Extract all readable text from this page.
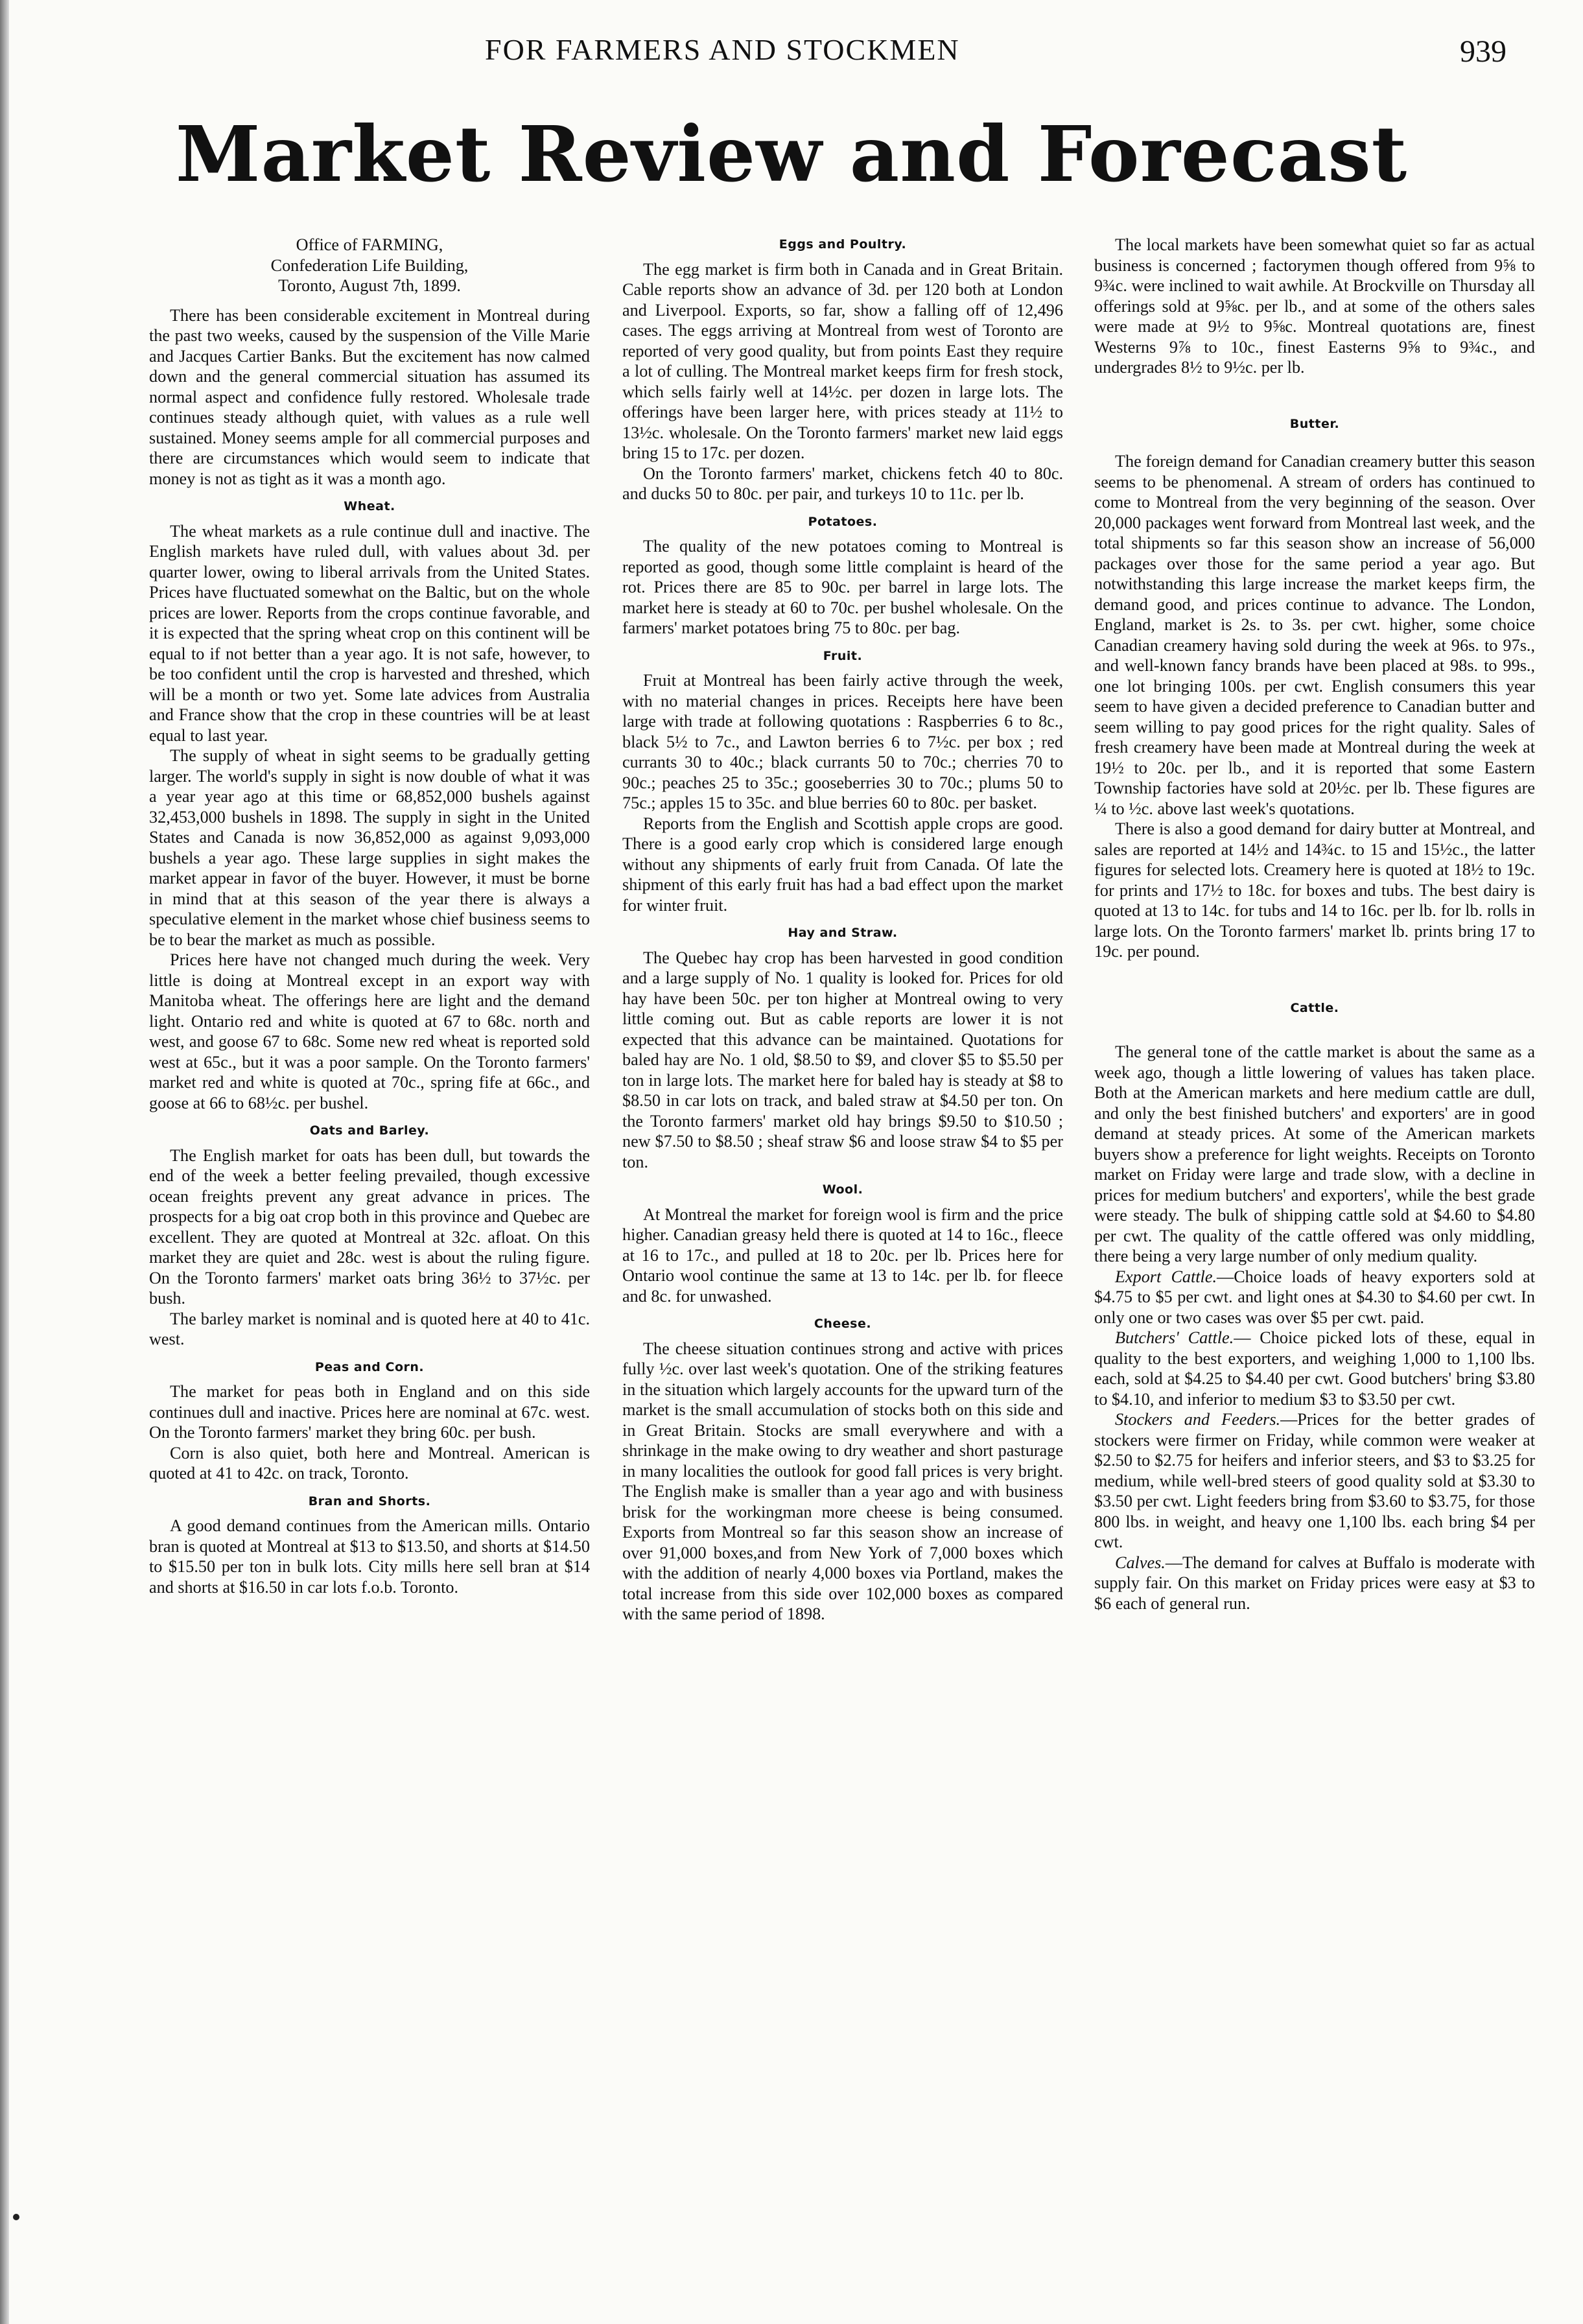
FOR FARMERS AND STOCKMEN	939
Market Review and Forecast
Office of FARMING,
Confederation Life Building,
Toronto, August 7th, 1899.

There has been considerable excitement in Montreal during the past two weeks, caused by the suspension of the Ville Marie and Jacques Cartier Banks. But the excitement has now calmed down and the general commercial situation has assumed its normal aspect and confidence fully restored. Wholesale trade continues steady although quiet, with values as a rule well sustained. Money seems ample for all commercial purposes and there are circumstances which would seem to indicate that money is not as tight as it was a month ago.

Wheat.

The wheat markets as a rule continue dull and inactive. The English markets have ruled dull, with values about 3d. per quarter lower, owing to liberal arrivals from the United States. Prices have fluctuated somewhat on the Baltic, but on the whole prices are lower. Reports from the crops continue favorable, and it is expected that the spring wheat crop on this continent will be equal to if not better than a year ago. It is not safe, however, to be too confident until the crop is harvested and threshed, which will be a month or two yet. Some late advices from Australia and France show that the crop in these countries will be at least equal to last year.

The supply of wheat in sight seems to be gradually getting larger. The world's supply in sight is now double of what it was a year year ago at this time or 68,852,000 bushels against 32,453,000 bushels in 1898. The supply in sight in the United States and Canada is now 36,852,000 as against 9,093,000 bushels a year ago. These large supplies in sight makes the market appear in favor of the buyer. However, it must be borne in mind that at this season of the year there is always a speculative element in the market whose chief business seems to be to bear the market as much as possible.

Prices here have not changed much during the week. Very little is doing at Montreal except in an export way with Manitoba wheat. The offerings here are light and the demand light. Ontario red and white is quoted at 67 to 68c. north and west, and goose 67 to 68c. Some new red wheat is reported sold west at 65c., but it was a poor sample. On the Toronto farmers' market red and white is quoted at 70c., spring fife at 66c., and goose at 66 to 68½c. per bushel.

Oats and Barley.

The English market for oats has been dull, but towards the end of the week a better feeling prevailed, though excessive ocean freights prevent any great advance in prices. The prospects for a big oat crop both in this province and Quebec are excellent. They are quoted at Montreal at 32c. afloat. On this market they are quiet and 28c. west is about the ruling figure. On the Toronto farmers' market oats bring 36½ to 37½c. per bush.

The barley market is nominal and is quoted here at 40 to 41c. west.

Peas and Corn.

The market for peas both in England and on this side continues dull and inactive. Prices here are nominal at 67c. west. On the Toronto farmers' market they bring 60c. per bush.

Corn is also quiet, both here and Montreal. American is quoted at 41 to 42c. on track, Toronto.

Bran and Shorts.

A good demand continues from the American mills. Ontario bran is quoted at Montreal at $13 to $13.50, and shorts at $14.50 to $15.50 per ton in bulk lots. City mills here sell bran at $14 and shorts at $16.50 in car lots f.o.b. Toronto.

Eggs and Poultry.

The egg market is firm both in Canada and in Great Britain. Cable reports show an advance of 3d. per 120 both at London and Liverpool. Exports, so far, show a falling off of 12,496 cases. The eggs arriving at Montreal from west of Toronto are reported of very good quality, but from points East they require a lot of culling. The Montreal market keeps firm for fresh stock, which sells fairly well at 14½c. per dozen in large lots. The offerings have been larger here, with prices steady at 11½ to 13½c. wholesale. On the Toronto farmers' market new laid eggs bring 15 to 17c. per dozen.

On the Toronto farmers' market, chickens fetch 40 to 80c. and ducks 50 to 80c. per pair, and turkeys 10 to 11c. per lb.

Potatoes.

The quality of the new potatoes coming to Montreal is reported as good, though some little complaint is heard of the rot. Prices there are 85 to 90c. per barrel in large lots. The market here is steady at 60 to 70c. per bushel wholesale. On the farmers' market potatoes bring 75 to 80c. per bag.

Fruit.

Fruit at Montreal has been fairly active through the week, with no material changes in prices. Receipts here have been large with trade at following quotations : Raspberries 6 to 8c., black 5½ to 7c., and Lawton berries 6 to 7½c. per box ; red currants 30 to 40c.; black currants 50 to 70c.; cherries 70 to 90c.; peaches 25 to 35c.; gooseberries 30 to 70c.; plums 50 to 75c.; apples 15 to 35c. and blue berries 60 to 80c. per basket.

Reports from the English and Scottish apple crops are good. There is a good early crop which is considered large enough without any shipments of early fruit from Canada. Of late the shipment of this early fruit has had a bad effect upon the market for winter fruit.

Hay and Straw.

The Quebec hay crop has been harvested in good condition and a large supply of No. 1 quality is looked for. Prices for old hay have been 50c. per ton higher at Montreal owing to very little coming out. But as cable reports are lower it is not expected that this advance can be maintained. Quotations for baled hay are No. 1 old, $8.50 to $9, and clover $5 to $5.50 per ton in large lots. The market here for baled hay is steady at $8 to $8.50 in car lots on track, and baled straw at $4.50 per ton. On the Toronto farmers' market old hay brings $9.50 to $10.50 ; new $7.50 to $8.50 ; sheaf straw $6 and loose straw $4 to $5 per ton.

Wool.

At Montreal the market for foreign wool is firm and the price higher. Canadian greasy held there is quoted at 14 to 16c., fleece at 16 to 17c., and pulled at 18 to 20c. per lb. Prices here for Ontario wool continue the same at 13 to 14c. per lb. for fleece and 8c. for unwashed.

Cheese.

The cheese situation continues strong and active with prices fully ½c. over last week's quotation. One of the striking features in the situation which largely accounts for the upward turn of the market is the small accumulation of stocks both on this side and in Great Britain. Stocks are small everywhere and with a shrinkage in the make owing to dry weather and short pasturage in many localities the outlook for good fall prices is very bright. The English make is smaller than a year ago and with business brisk for the workingman more cheese is being consumed. Exports from Montreal so far this season show an increase of over 91,000 boxes,and from New York of 7,000 boxes which with the addition of nearly 4,000 boxes via Portland, makes the total increase from this side over 102,000 boxes as compared with the same period of 1898.

The local markets have been somewhat quiet so far as actual business is concerned ; factorymen though offered from 9⅝ to 9¾c. were inclined to wait awhile. At Brockville on Thursday all offerings sold at 9⅝c. per lb., and at some of the others sales were made at 9½ to 9⅝c. Montreal quotations are, finest Westerns 9⅞ to 10c., finest Easterns 9⅝ to 9¾c., and undergrades 8½ to 9½c. per lb.

Butter.

The foreign demand for Canadian creamery butter this season seems to be phenomenal. A stream of orders has continued to come to Montreal from the very beginning of the season. Over 20,000 packages went forward from Montreal last week, and the total shipments so far this season show an increase of 56,000 packages over those for the same period a year ago. But notwithstanding this large increase the market keeps firm, the demand good, and prices continue to advance. The London, England, market is 2s. to 3s. per cwt. higher, some choice Canadian creamery having sold during the week at 96s. to 97s., and well-known fancy brands have been placed at 98s. to 99s., one lot bringing 100s. per cwt. English consumers this year seem to have given a decided preference to Canadian butter and seem willing to pay good prices for the right quality. Sales of fresh creamery have been made at Montreal during the week at 19½ to 20c. per lb., and it is reported that some Eastern Township factories have sold at 20½c. per lb. These figures are ¼ to ½c. above last week's quotations.

There is also a good demand for dairy butter at Montreal, and sales are reported at 14½ and 14¾c. to 15 and 15½c., the latter figures for selected lots. Creamery here is quoted at 18½ to 19c. for prints and 17½ to 18c. for boxes and tubs. The best dairy is quoted at 13 to 14c. for tubs and 14 to 16c. per lb. for lb. rolls in large lots. On the Toronto farmers' market lb. prints bring 17 to 19c. per pound.

Cattle.

The general tone of the cattle market is about the same as a week ago, though a little lowering of values has taken place. Both at the American markets and here medium cattle are dull, and only the best finished butchers' and exporters' are in good demand at steady prices. At some of the American markets buyers show a preference for light weights. Receipts on Toronto market on Friday were large and trade slow, with a decline in prices for medium butchers' and exporters', while the best grade were steady. The bulk of shipping cattle sold at $4.60 to $4.80 per cwt. The quality of the cattle offered was only middling, there being a very large number of only medium quality.

Export Cattle.—Choice loads of heavy exporters sold at $4.75 to $5 per cwt. and light ones at $4.30 to $4.60 per cwt. In only one or two cases was over $5 per cwt. paid.

Butchers' Cattle.— Choice picked lots of these, equal in quality to the best exporters, and weighing 1,000 to 1,100 lbs. each, sold at $4.25 to $4.40 per cwt. Good butchers' bring $3.80 to $4.10, and inferior to medium $3 to $3.50 per cwt.

Stockers and Feeders.—Prices for the better grades of stockers were firmer on Friday, while common were weaker at $2.50 to $2.75 for heifers and inferior steers, and $3 to $3.25 for medium, while well-bred steers of good quality sold at $3.30 to $3.50 per cwt. Light feeders bring from $3.60 to $3.75, for those 800 lbs. in weight, and heavy one 1,100 lbs. each bring $4 per cwt.

Calves.—The demand for calves at Buffalo is moderate with supply fair. On this market on Friday prices were easy at $3 to $6 each of general run.
